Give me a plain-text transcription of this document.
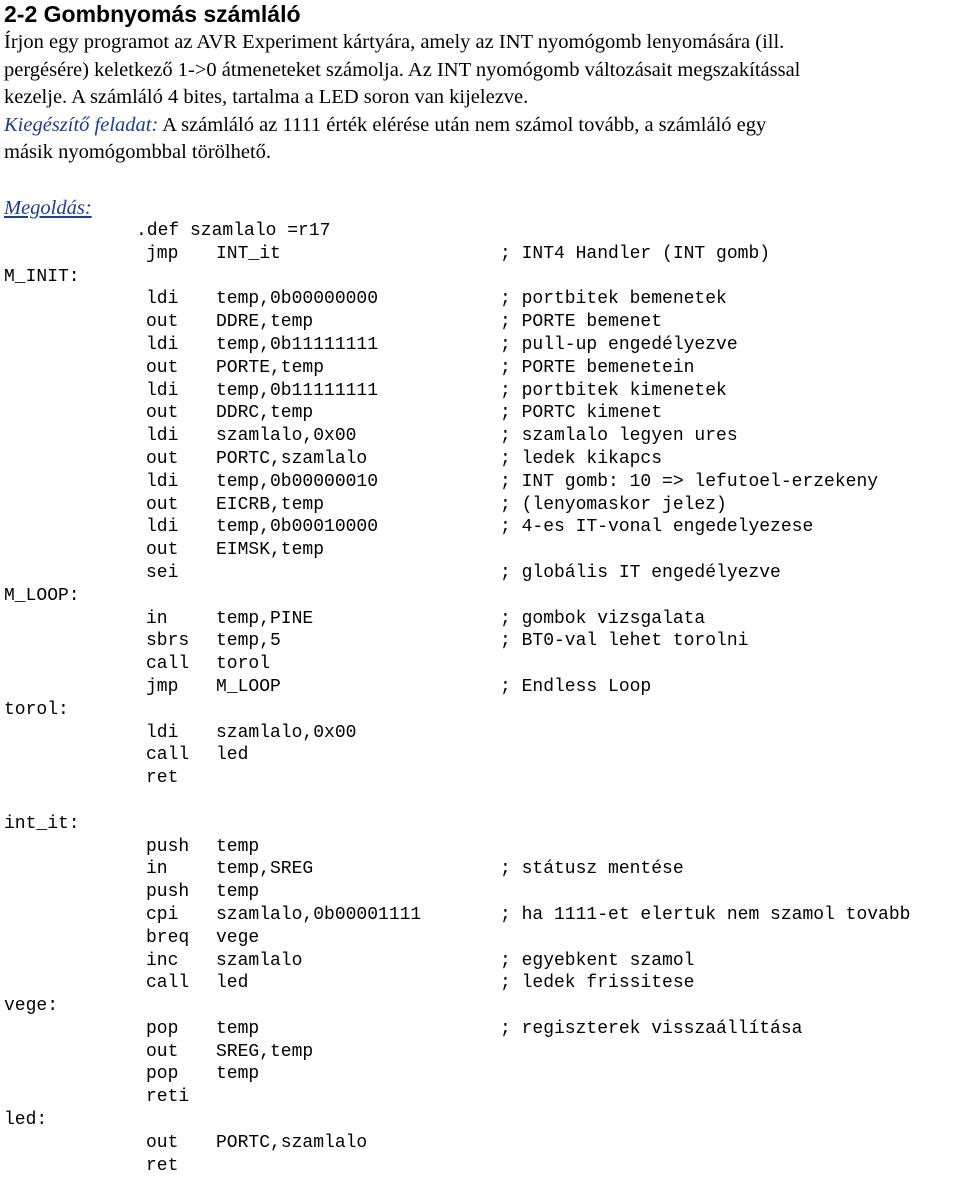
2-2 Gombnyomás számláló

Írjon egy programot az AVR Experiment kártyára, amely az INT nyomógomb lenyomására (ill.

pergésére) keletkező 1->0 átmeneteket számolja. Az INT nyomógomb változásait megszakítással

kezelje. A számláló 4 bites, tartalma a LED soron van kijelezve.

Kiegészítő feladat: A számláló az 1111 érték elérése után nem számol tovább, a számláló egy

másik nyomógombbal törölhető.

Megoldás:

.def szamlalo =r17

jmp INT_it	; INT4 Handler (INT gomb)
M_INIT:
ldi temp,0b00000000	; portbitek bemenetek
out DDRE,temp	; PORTE bemenet
ldi temp,0b11111111	; pull-up engedélyezve
out PORTE,temp	; PORTE bemenetein
ldi temp,0b11111111	; portbitek kimenetek
out DDRC,temp	; PORTC kimenet
ldi szamlalo,0x00	; szamlalo legyen ures
out PORTC,szamlalo	; ledek kikapcs
ldi temp,0b00000010	; INT gomb: 10 => lefutoel-erzekeny
out EICRB,temp	; (lenyomaskor jelez)
ldi temp,0b00010000	; 4-es IT-vonal engedelyezese
out EIMSK,temp
sei	; globális IT engedélyezve
M_LOOP:
in	temp,PINE	; gombok vizsgalata
sbrs temp,5	; BT0-val lehet torolni
call torol
jmp M_LOOP	; Endless Loop
torol:
ldi szamlalo,0x00
call led
ret
int_it:
push temp
in	temp,SREG	; státusz mentése
push temp
cpi szamlalo,0b00001111	; ha 1111-et elertuk nem szamol tovabb
breq vege
inc szamlalo	; egyebkent szamol
call led	; ledek frissitese
vege:
pop temp	; regiszterek visszaállítása
out SREG,temp
pop temp
reti
led:
out PORTC,szamlalo
ret
